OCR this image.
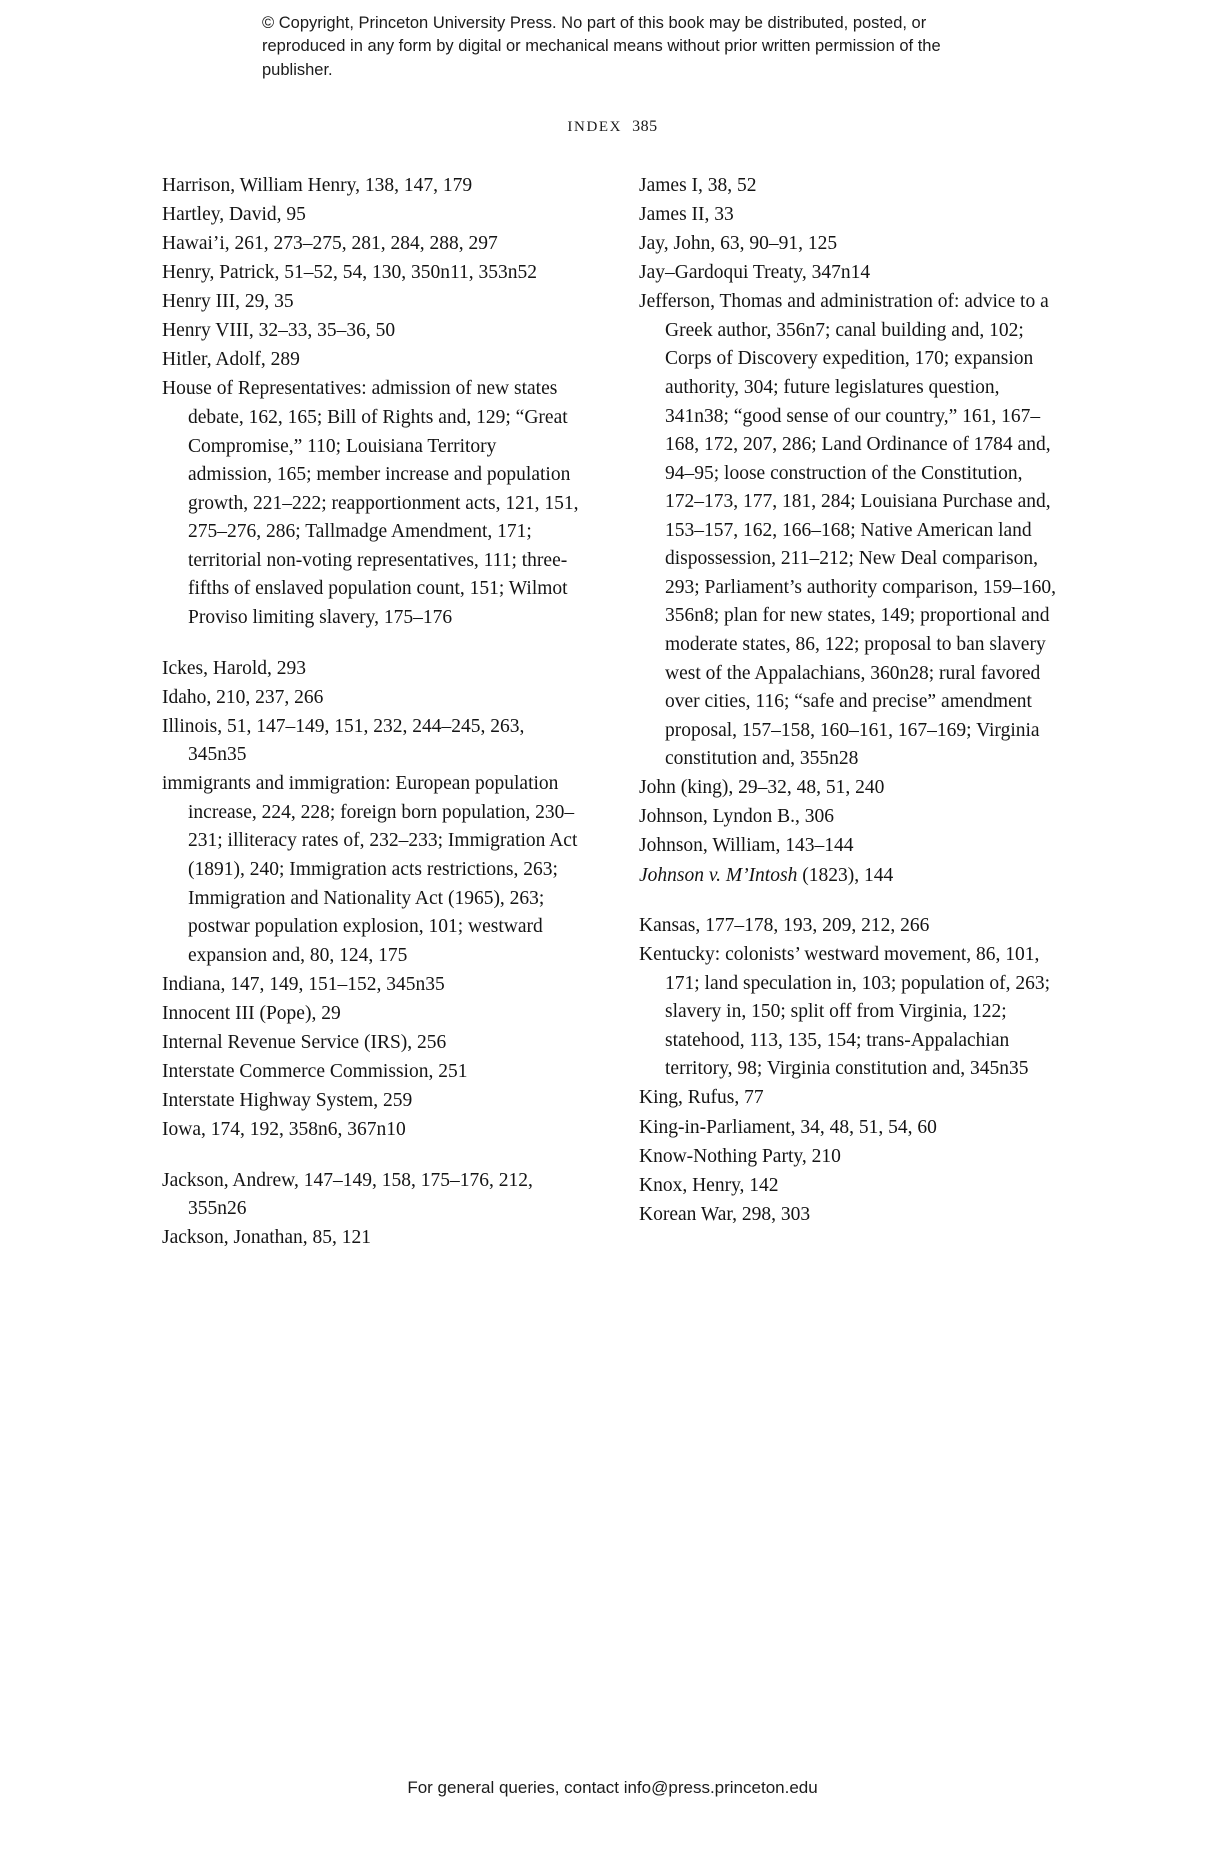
© Copyright, Princeton University Press. No part of this book may be distributed, posted, or reproduced in any form by digital or mechanical means without prior written permission of the publisher.
INDEX 385

Harrison, William Henry, 138, 147, 179

Hartley, David, 95

Hawai’i, 261, 273–275, 281, 284, 288, 297

Henry, Patrick, 51–52, 54, 130, 350n11, 353n52

Henry III, 29, 35

Henry VIII, 32–33, 35–36, 50

Hitler, Adolf, 289

House of Representatives: admission of new states debate, 162, 165; Bill of Rights and, 129; “Great Compromise,” 110; Louisiana Territory admission, 165; member increase and population growth, 221–222; reapportionment acts, 121, 151, 275–276, 286; Tallmadge Amendment, 171; territorial non-voting representatives, 111; three-fifths of enslaved population count, 151; Wilmot Proviso limiting slavery, 175–176

Ickes, Harold, 293

Idaho, 210, 237, 266

Illinois, 51, 147–149, 151, 232, 244–245, 263, 345n35

immigrants and immigration: European population increase, 224, 228; foreign born population, 230–231; illiteracy rates of, 232–233; Immigration Act (1891), 240; Immigration acts restrictions, 263; Immigration and Nationality Act (1965), 263; postwar population explosion, 101; westward expansion and, 80, 124, 175

Indiana, 147, 149, 151–152, 345n35

Innocent III (Pope), 29

Internal Revenue Service (IRS), 256

Interstate Commerce Commission, 251

Interstate Highway System, 259

Iowa, 174, 192, 358n6, 367n10

Jackson, Andrew, 147–149, 158, 175–176, 212, 355n26

Jackson, Jonathan, 85, 121

James I, 38, 52

James II, 33

Jay, John, 63, 90–91, 125

Jay–Gardoqui Treaty, 347n14

Jefferson, Thomas and administration of: advice to a Greek author, 356n7; canal building and, 102; Corps of Discovery expedition, 170; expansion authority, 304; future legislatures question, 341n38; “good sense of our country,” 161, 167–168, 172, 207, 286; Land Ordinance of 1784 and, 94–95; loose construction of the Constitution, 172–173, 177, 181, 284; Louisiana Purchase and, 153–157, 162, 166–168; Native American land dispossession, 211–212; New Deal comparison, 293; Parliament’s authority comparison, 159–160, 356n8; plan for new states, 149; proportional and moderate states, 86, 122; proposal to ban slavery west of the Appalachians, 360n28; rural favored over cities, 116; “safe and precise” amendment proposal, 157–158, 160–161, 167–169; Virginia constitution and, 355n28

John (king), 29–32, 48, 51, 240

Johnson, Lyndon B., 306

Johnson, William, 143–144

Johnson v. M’Intosh (1823), 144

Kansas, 177–178, 193, 209, 212, 266

Kentucky: colonists’ westward movement, 86, 101, 171; land speculation in, 103; population of, 263; slavery in, 150; split off from Virginia, 122; statehood, 113, 135, 154; trans-Appalachian territory, 98; Virginia constitution and, 345n35

King, Rufus, 77

King-in-Parliament, 34, 48, 51, 54, 60

Know-Nothing Party, 210

Knox, Henry, 142

Korean War, 298, 303

For general queries, contact info@press.princeton.edu
